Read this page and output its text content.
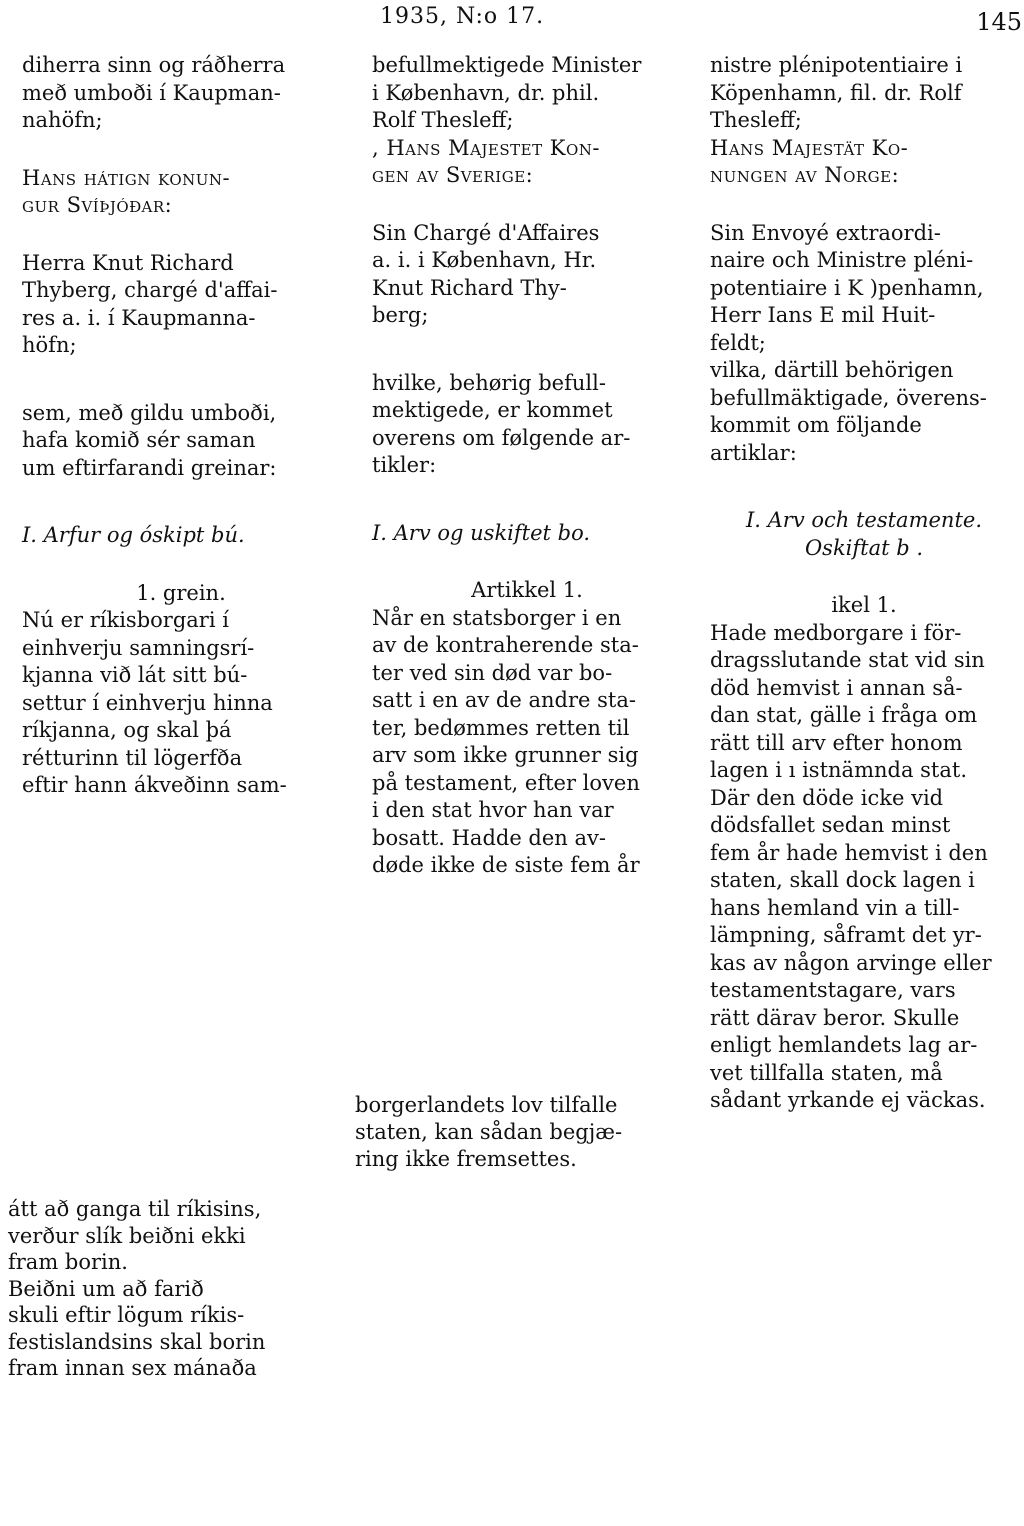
1935, N:o 17.	145

diherra sinn og ráðherra
með umboði í Kaupman-
nahöfn;

Hans hátign konun-
gur Svíþjóðar:

Herra Knut Richard
Thyberg, chargé d'affai-
res a. i. í Kaupmanna-
höfn;

sem, með gildu umboði,
hafa komið sér saman
um eftirfarandi greinar:

I. Arfur og óskipt bú.

1. grein.

Nú er ríkisborgari í
einhverju samningsrí-
kjanna við lát sitt bú-
settur í einhverju hinna
ríkjanna, og skal þá
rétturinn til lögerfða
eftir hann ákveðinn sam-

befullmektigede Minister
i København, dr. phil.
Rolf Thesleff;

, Hans Majestet Kon-
gen av Sverige:

Sin Chargé d'Affaires
a. i. i København, Hr.
Knut Richard Thy-
berg;

hvilke, behørig befull-
mektigede, er kommet
overens om følgende ar-
tikler:

I. Arv og uskiftet bo.

Artikkel 1.

Når en statsborger i en
av de kontraherende sta-
ter ved sin død var bo-
satt i en av de andre sta-
ter, bedømmes retten til
arv som ikke grunner sig
på testament, efter loven
i den stat hvor han var
bosatt. Hadde den av-
døde ikke de siste fem år

nistre plénipotentiaire i
Köpenhamn, fil. dr. Rolf
Thesleff;

Hans Majestät Ko-
nungen av Norge:

Sin Envoyé extraordi-
naire och Ministre pléni-
potentiaire i K )penhamn,
Herr Ians E mil Huit-
feldt;

vilka, därtill behörigen
befullmäktigade, överens-
kommit om följande
artiklar:

I. Arv och testamente.

Oskiftat b .

ikel 1.

Hade medborgare i för-
dragsslutande stat vid sin
död hemvist i annan så-
dan stat, gälle i fråga om
rätt till arv efter honom
lagen i ı istnämnda stat.
Där den döde icke vid
dödsfallet sedan minst
fem år hade hemvist i den
staten, skall dock lagen i
hans hemland vin a till-
lämpning, såframt det yr-
kas av någon arvinge eller
testamentstagare, vars
rätt därav beror. Skulle
enligt hemlandets lag ar-
vet tillfalla staten, må
sådant yrkande ej väckas.

borgerlandets lov tilfalle
staten, kan sådan begjæ-
ring ikke fremsettes.

átt að ganga til ríkisins,
verður slík beiðni ekki
fram borin.
Beiðni um að farið
skuli eftir lögum ríkis-
festislandsins skal borin
fram innan sex mánaða
